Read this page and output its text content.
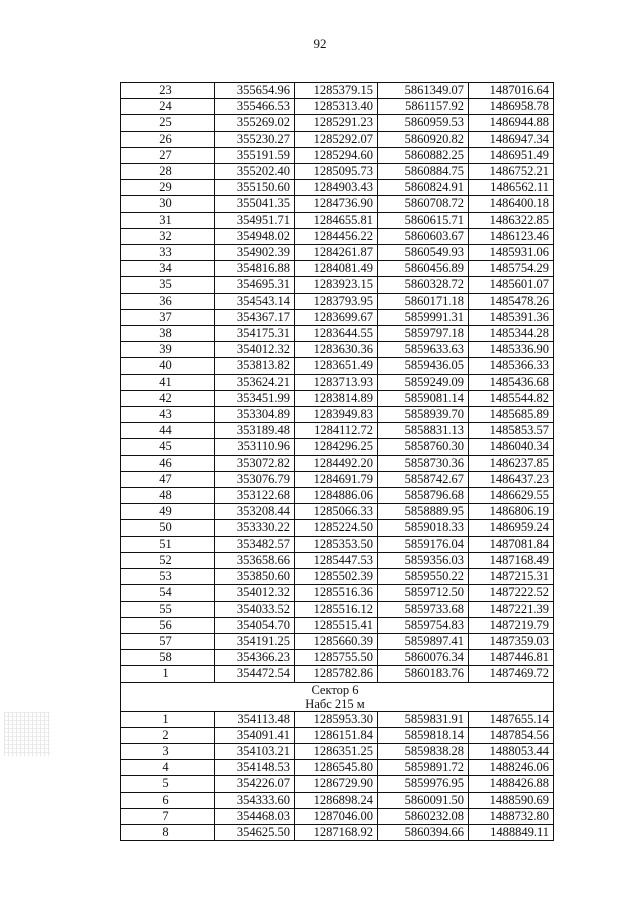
92
23	355654.96	1285379.15	5861349.07	1487016.64
24	355466.53	1285313.40	5861157.92	1486958.78
25	355269.02	1285291.23	5860959.53	1486944.88
26	355230.27	1285292.07	5860920.82	1486947.34
27	355191.59	1285294.60	5860882.25	1486951.49
28	355202.40	1285095.73	5860884.75	1486752.21
29	355150.60	1284903.43	5860824.91	1486562.11
30	355041.35	1284736.90	5860708.72	1486400.18
31	354951.71	1284655.81	5860615.71	1486322.85
32	354948.02	1284456.22	5860603.67	1486123.46
33	354902.39	1284261.87	5860549.93	1485931.06
34	354816.88	1284081.49	5860456.89	1485754.29
35	354695.31	1283923.15	5860328.72	1485601.07
36	354543.14	1283793.95	5860171.18	1485478.26
37	354367.17	1283699.67	5859991.31	1485391.36
38	354175.31	1283644.55	5859797.18	1485344.28
39	354012.32	1283630.36	5859633.63	1485336.90
40	353813.82	1283651.49	5859436.05	1485366.33
41	353624.21	1283713.93	5859249.09	1485436.68
42	353451.99	1283814.89	5859081.14	1485544.82
43	353304.89	1283949.83	5858939.70	1485685.89
44	353189.48	1284112.72	5858831.13	1485853.57
45	353110.96	1284296.25	5858760.30	1486040.34
46	353072.82	1284492.20	5858730.36	1486237.85
47	353076.79	1284691.79	5858742.67	1486437.23
48	353122.68	1284886.06	5858796.68	1486629.55
49	353208.44	1285066.33	5858889.95	1486806.19
50	353330.22	1285224.50	5859018.33	1486959.24
51	353482.57	1285353.50	5859176.04	1487081.84
52	353658.66	1285447.53	5859356.03	1487168.49
53	353850.60	1285502.39	5859550.22	1487215.31
54	354012.32	1285516.36	5859712.50	1487222.52
55	354033.52	1285516.12	5859733.68	1487221.39
56	354054.70	1285515.41	5859754.83	1487219.79
57	354191.25	1285660.39	5859897.41	1487359.03
58	354366.23	1285755.50	5860076.34	1487446.81
1	354472.54	1285782.86	5860183.76	1487469.72

Сектор 6
Набс 215 м				

1	354113.48	1285953.30	5859831.91	1487655.14
2	354091.41	1286151.84	5859818.14	1487854.56
3	354103.21	1286351.25	5859838.28	1488053.44
4	354148.53	1286545.80	5859891.72	1488246.06
5	354226.07	1286729.90	5859976.95	1488426.88
6	354333.60	1286898.24	5860091.50	1488590.69
7	354468.03	1287046.00	5860232.08	1488732.80
8	354625.50	1287168.92	5860394.66	1488849.11
